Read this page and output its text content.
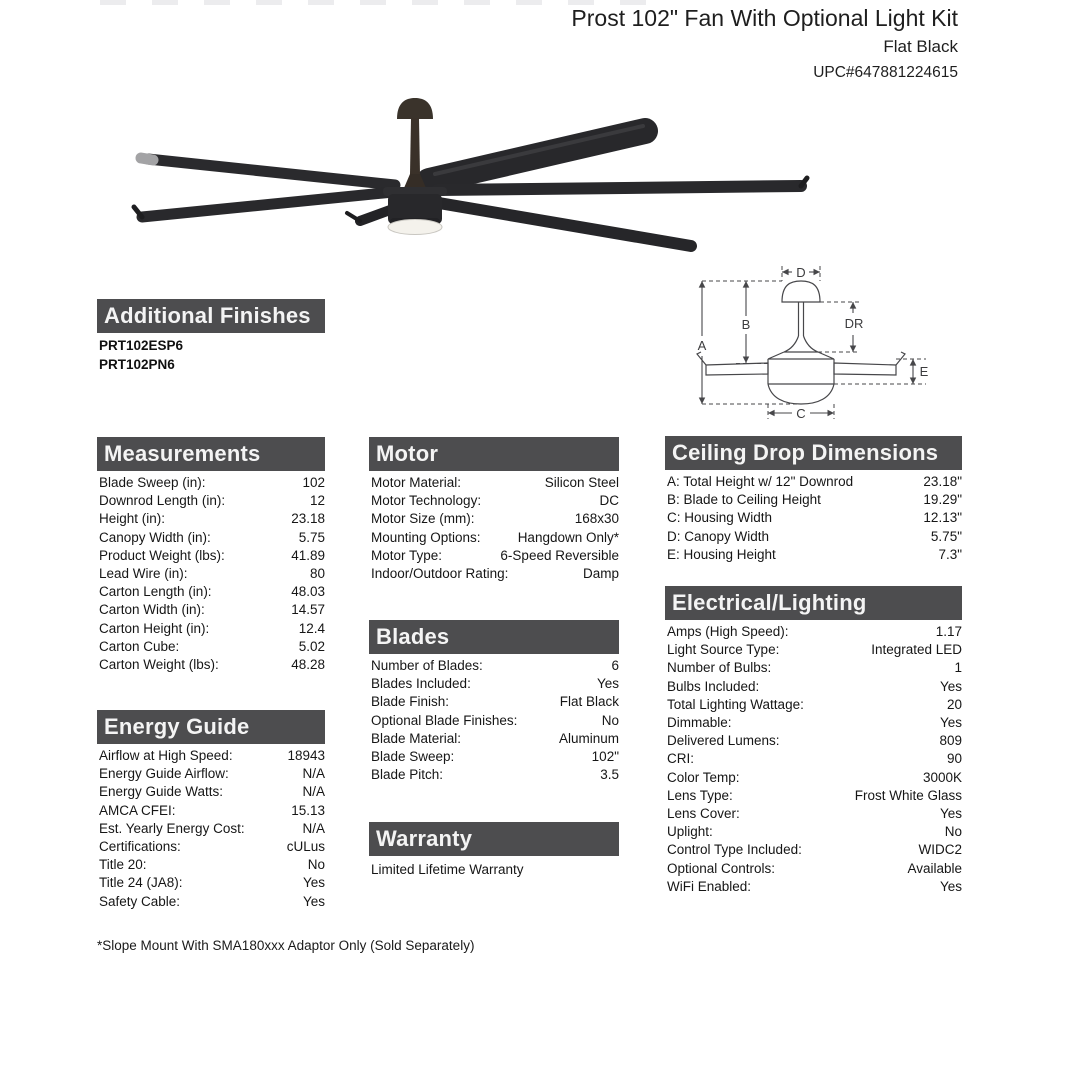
Prost 102" Fan With Optional Light Kit
Flat Black
UPC#647881224615
D
A
B	DR
E
C
Additional Finishes
PRT102ESP6
PRT102PN6
Measurements
Blade Sweep (in):	102
Downrod Length (in):	12
Height (in):	23.18
Canopy Width (in):	5.75
Product Weight (lbs):	41.89
Lead Wire (in):	80
Carton Length (in):	48.03
Carton Width (in):	14.57
Carton Height (in):	12.4
Carton Cube:	5.02
Carton Weight (lbs):	48.28
Energy Guide
Airflow at High Speed:	18943
Energy Guide Airflow:	N/A
Energy Guide Watts:	N/A
AMCA CFEI:	15.13
Est. Yearly Energy Cost:	N/A
Certifications:	cULus
Title 20:	No
Title 24 (JA8):	Yes
Safety Cable:	Yes
Motor
Motor Material:	Silicon Steel
Motor Technology:	DC
Motor Size (mm):	168x30
Mounting Options:	Hangdown Only*
Motor Type:	6-Speed Reversible
Indoor/Outdoor Rating:	Damp
Blades
Number of Blades:	6
Blades Included:	Yes
Blade Finish:	Flat Black
Optional Blade Finishes:	No
Blade Material:	Aluminum
Blade Sweep:	102"
Blade Pitch:	3.5
Warranty
Limited Lifetime Warranty
Ceiling Drop Dimensions
A: Total Height w/ 12" Downrod	23.18"
B: Blade to Ceiling Height	19.29"
C: Housing Width	12.13"
D: Canopy Width	5.75"
E: Housing Height	7.3"
Electrical/Lighting
Amps (High Speed):	1.17
Light Source Type:	Integrated LED
Number of Bulbs:	1
Bulbs Included:	Yes
Total Lighting Wattage:	20
Dimmable:	Yes
Delivered Lumens:	809
CRI:	90
Color Temp:	3000K
Lens Type:	Frost White Glass
Lens Cover:	Yes
Uplight:	No
Control Type Included:	WIDC2
Optional Controls:	Available
WiFi Enabled:	Yes
*Slope Mount With SMA180xxx Adaptor Only (Sold Separately)
